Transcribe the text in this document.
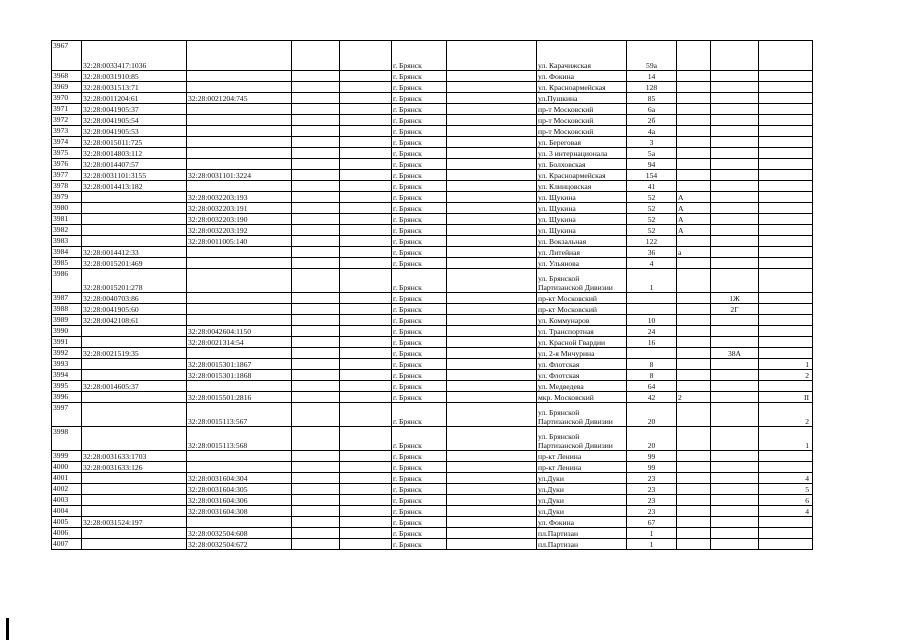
3967	32:28:0033417:1036				г. Брянск		ул. Карачижская	59а			
3968	32:28:0031910:85				г. Брянск		ул. Фокина	14			
3969	32:28:0031513:71				г. Брянск		ул. Красноармейская	128			
3970	32:28:0011204:61	32:28:0021204:745			г. Брянск		ул.Пушкина	85			
3971	32:28:0041905:37				г. Брянск		пр-т Московский	6а			
3972	32:28:0041905:54				г. Брянск		пр-т Московский	2б			
3973	32:28:0041905:53				г. Брянск		пр-т Московский	4а			
3974	32:28:0015011:725				г. Брянск		ул. Береговая	3			
3975	32:28:0014803:112				г. Брянск		ул. 3 интернационала	5а			
3976	32:28:0014407:57				г. Брянск		ул. Болховская	94			
3977	32:28:0031101:3155	32:28:0031101:3224			г. Брянск		ул. Красноармейская	154			
3978	32:28:0014413:182				г. Брянск		ул. Клинцовская	41			
3979		32:28:0032203:193			г. Брянск		ул. Щукина	52	А		
3980		32:28:0032203:191			г. Брянск		ул. Щукина	52	А		
3981		32:28:0032203:190			г. Брянск		ул. Щукина	52	А		
3982		32:28:0032203:192			г. Брянск		ул. Щукина	52	А		
3983		32:28:0011005:140			г. Брянск		ул. Вокзальная	122			
3984	32:28:0014412:33				г. Брянск		ул. Литейная	36	а		
3985	32:28:0015201:469				г. Брянск		ул. Ульянова	4			
3986	32:28:0015201:278				г. Брянск		ул. Брянской Партизанской Дивизии	1			
3987	32:28:0040703:86				г. Брянск		пр-кт Московский			1Ж	
3988	32:28:0041905:60				г. Брянск		пр-кт Московский			2Г	
3989	32:28:0042108:61				г. Брянск		ул. Коммунаров	10			
3990		32:28:0042604:1150			г. Брянск		ул. Транспортная	24			
3991		32:28:0021314:54			г. Брянск		ул. Красной Гвардии	16			
3992	32:28:0021519:35				г. Брянск		ул. 2-я Мичурина			38А	
3993		32:28:0015301:1867			г. Брянск		ул. Флотская	8			1
3994		32:28:0015301:1868			г. Брянск		ул. Флотская	8			2
3995	32:28:0014605:37				г. Брянск		ул. Медведева	64			
3996		32:28:0015501:2816			г. Брянск		мкр. Московский	42	2		II
3997		32:28:0015113:567			г. Брянск		ул. Брянской Партизанской Дивизии	20			2
3998		32:28:0015113:568			г. Брянск		ул. Брянской Партизанской Дивизии	20			1
3999	32:28:0031633:1703				г. Брянск		пр-кт Ленина	99			
4000	32:28:0031633:126				г. Брянск		пр-кт Ленина	99			
4001		32:28:0031604:304			г. Брянск		ул.Дуки	23			4
4002		32:28:0031604:305			г. Брянск		ул.Дуки	23			5
4003		32:28:0031604:306			г. Брянск		ул.Дуки	23			6
4004		32:28:0031604:308			г. Брянск		ул.Дуки	23			4
4005	32:28:0031524:197				г. Брянск		ул. Фокина	67			
4006		32:28:0032504:608			г. Брянск		пл.Партизан	1			
4007		32:28:0032504:672			г. Брянск		пл.Партизан	1			
